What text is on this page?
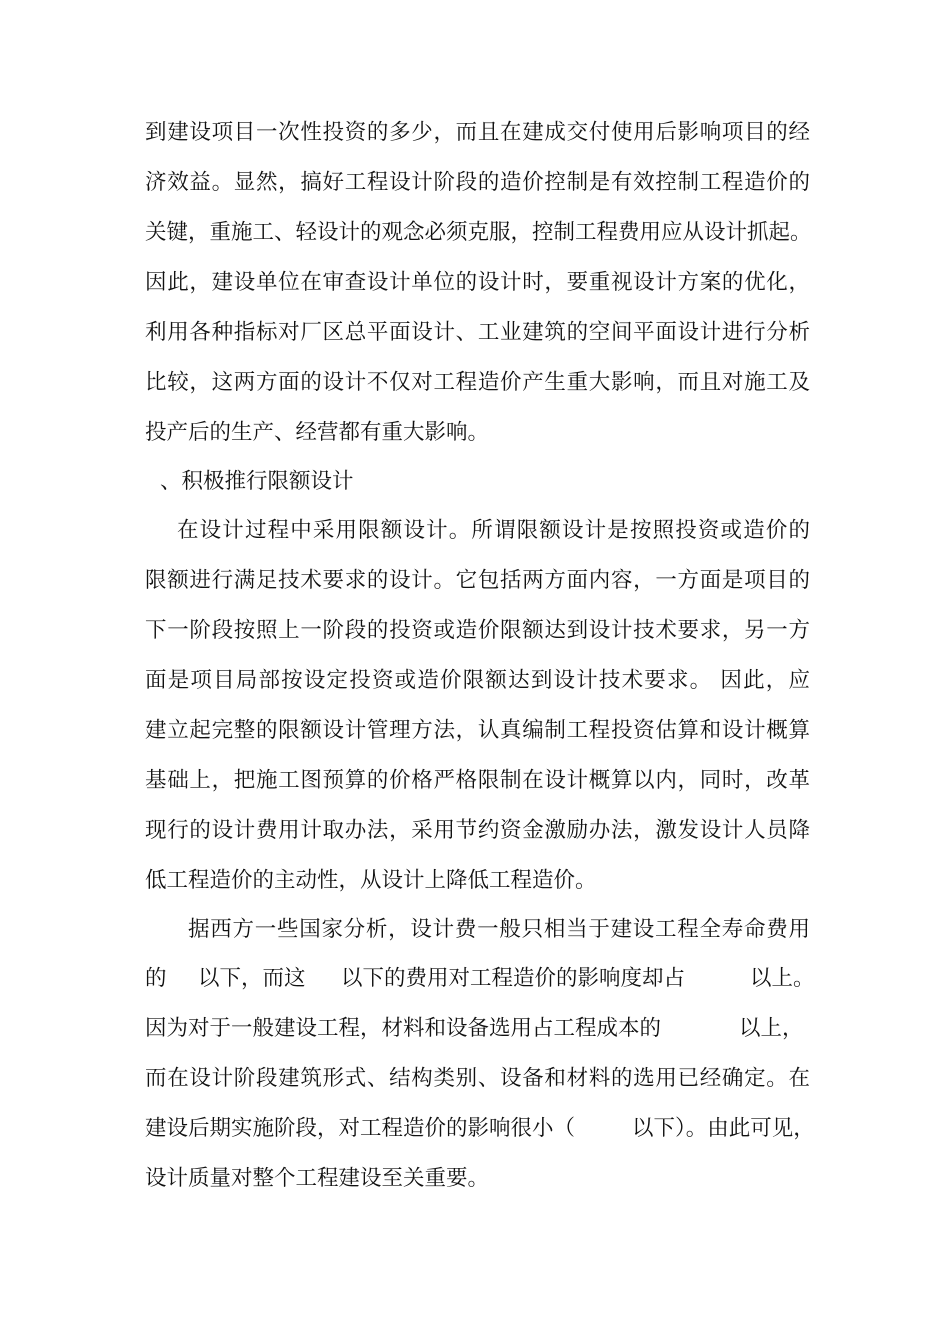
到建设项目一次性投资的多少，而且在建成交付使用后影响项目的经
济效益。显然，搞好工程设计阶段的造价控制是有效控制工程造价的
关键，重施工、轻设计的观念必须克服，控制工程费用应从设计抓起。
因此，建设单位在审查设计单位的设计时，要重视设计方案的优化，
利用各种指标对厂区总平面设计、工业建筑的空间平面设计进行分析
比较，这两方面的设计不仅对工程造价产生重大影响，而且对施工及
投产后的生产、经营都有重大影响。
、积极推行限额设计
在设计过程中采用限额设计。所谓限额设计是按照投资或造价的
限额进行满足技术要求的设计。它包括两方面内容，一方面是项目的
下一阶段按照上一阶段的投资或造价限额达到设计技术要求，另一方
面是项目局部按设定投资或造价限额达到设计技术要求。 因此，应
建立起完整的限额设计管理方法，认真编制工程投资估算和设计概算
基础上，把施工图预算的价格严格限制在设计概算以内，同时，改革
现行的设计费用计取办法，采用节约资金激励办法，激发设计人员降
低工程造价的主动性，从设计上降低工程造价。
据西方一些国家分析，设计费一般只相当于建设工程全寿命费用
的 以下，而这 以下的费用对工程造价的影响度却占	以上。
因为对于一般建设工程，材料和设备选用占工程成本的	以上，
而在设计阶段建筑形式、结构类别、设备和材料的选用已经确定。在
建设后期实施阶段，对工程造价的影响很小（	以下）。由此可见，
设计质量对整个工程建设至关重要。
